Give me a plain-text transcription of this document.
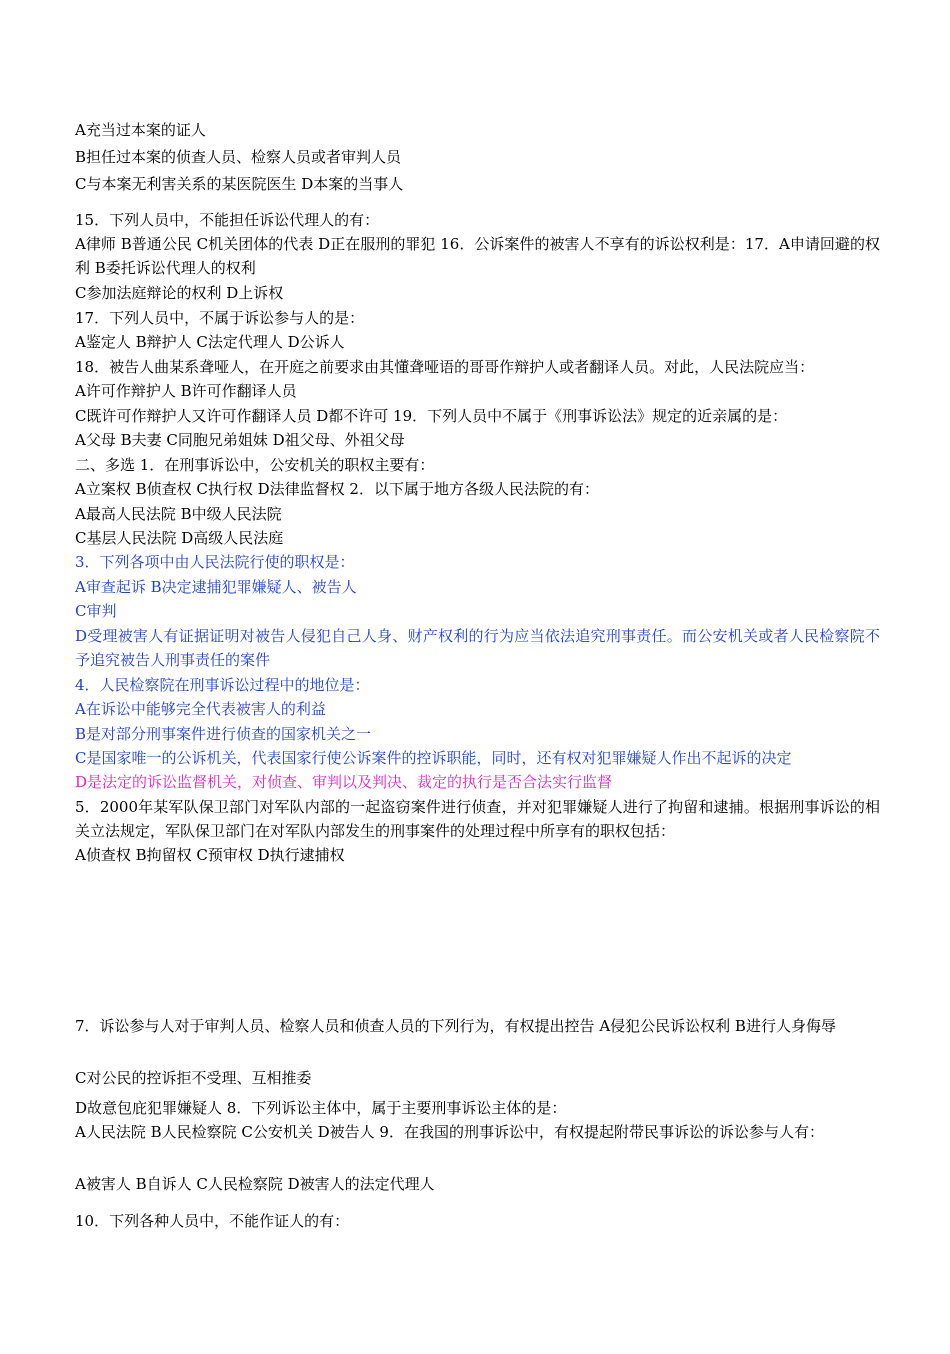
A充当过本案的证人
B担任过本案的侦查人员、检察人员或者审判人员
C与本案无利害关系的某医院医生 D本案的当事人
15．下列人员中，不能担任诉讼代理人的有：
A律师 B普通公民 C机关团体的代表 D正在服刑的罪犯 16．公诉案件的被害人不享有的诉讼权利是：17．A申请回避的权利 B委托诉讼代理人的权利
C参加法庭辩论的权利 D上诉权
17．下列人员中，不属于诉讼参与人的是：
A鉴定人 B辩护人 C法定代理人 D公诉人
18．被告人曲某系聋哑人，在开庭之前要求由其懂聋哑语的哥哥作辩护人或者翻译人员。对此，人民法院应当：
A许可作辩护人 B许可作翻译人员
C既许可作辩护人又许可作翻译人员 D都不许可 19．下列人员中不属于《刑事诉讼法》规定的近亲属的是：
A父母 B夫妻 C同胞兄弟姐妹 D祖父母、外祖父母
二、多选 1．在刑事诉讼中，公安机关的职权主要有：
A立案权 B侦查权 C执行权 D法律监督权 2．以下属于地方各级人民法院的有：
A最高人民法院 B中级人民法院
C基层人民法院 D高级人民法庭
3．下列各项中由人民法院行使的职权是：
A审查起诉 B决定逮捕犯罪嫌疑人、被告人
C审判
D受理被害人有证据证明对被告人侵犯自己人身、财产权利的行为应当依法追究刑事责任。而公安机关或者人民检察院不予追究被告人刑事责任的案件
4．人民检察院在刑事诉讼过程中的地位是：
A在诉讼中能够完全代表被害人的利益
B是对部分刑事案件进行侦查的国家机关之一
C是国家唯一的公诉机关，代表国家行使公诉案件的控诉职能，同时，还有权对犯罪嫌疑人作出不起诉的决定
D是法定的诉讼监督机关，对侦查、审判以及判决、裁定的执行是否合法实行监督
5．2000年某军队保卫部门对军队内部的一起盗窃案件进行侦查，并对犯罪嫌疑人进行了拘留和逮捕。根据刑事诉讼的相关立法规定，军队保卫部门在对军队内部发生的刑事案件的处理过程中所享有的职权包括：
A侦查权 B拘留权 C预审权 D执行逮捕权
7．诉讼参与人对于审判人员、检察人员和侦查人员的下列行为，有权提出控告 A侵犯公民诉讼权利 B进行人身侮辱
C对公民的控诉拒不受理、互相推委
D故意包庇犯罪嫌疑人 8．下列诉讼主体中，属于主要刑事诉讼主体的是：
A人民法院 B人民检察院 C公安机关 D被告人 9．在我国的刑事诉讼中，有权提起附带民事诉讼的诉讼参与人有：
A被害人 B自诉人 C人民检察院 D被害人的法定代理人
10．下列各种人员中，不能作证人的有：
